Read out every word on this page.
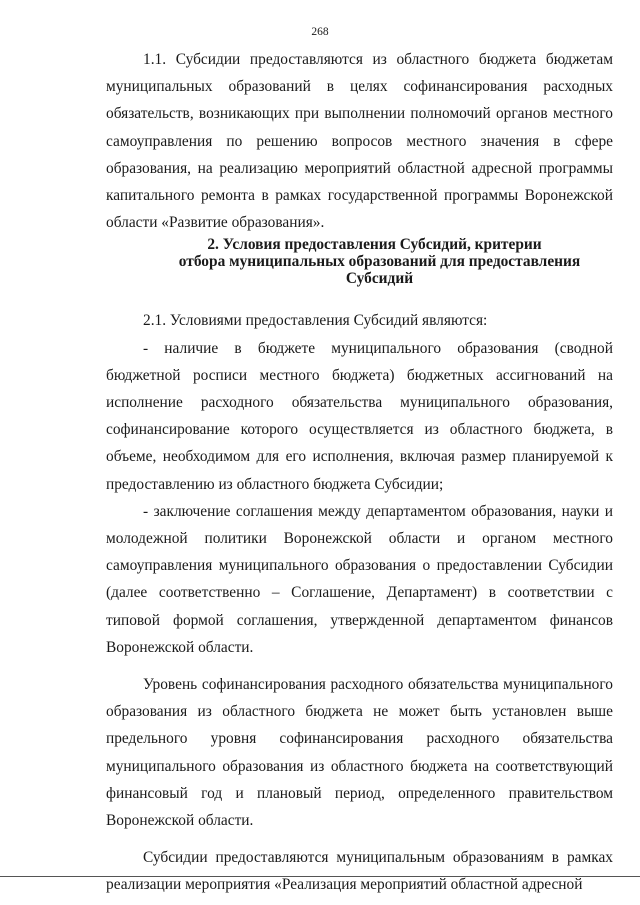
268

1.1. Субсидии предоставляются из областного бюджета бюджетам муниципальных образований в целях софинансирования расходных обязательств, возникающих при выполнении полномочий органов местного самоуправления по решению вопросов местного значения в сфере образования, на реализацию мероприятий областной адресной программы капитального ремонта в рамках государственной программы Воронежской области «Развитие образования».

2. Условия предоставления Субсидий, критерии
отбора муниципальных образований для предоставления Субсидий

2.1. Условиями предоставления Субсидий являются:

- наличие в бюджете муниципального образования (сводной бюджетной росписи местного бюджета) бюджетных ассигнований на исполнение расходного обязательства муниципального образования, софинансирование которого осуществляется из областного бюджета, в объеме, необходимом для его исполнения, включая размер планируемой к предоставлению из областного бюджета Субсидии;

- заключение соглашения между департаментом образования, науки и молодежной политики Воронежской области и органом местного самоуправления муниципального образования о предоставлении Субсидии (далее соответственно – Соглашение, Департамент) в соответствии с типовой формой соглашения, утвержденной департаментом финансов Воронежской области.

Уровень софинансирования расходного обязательства муниципального образования из областного бюджета не может быть установлен выше предельного уровня софинансирования расходного обязательства муниципального образования из областного бюджета на соответствующий финансовый год и плановый период, определенного правительством Воронежской области.

Субсидии предоставляются муниципальным образованиям в рамках реализации мероприятия «Реализация мероприятий областной адресной
